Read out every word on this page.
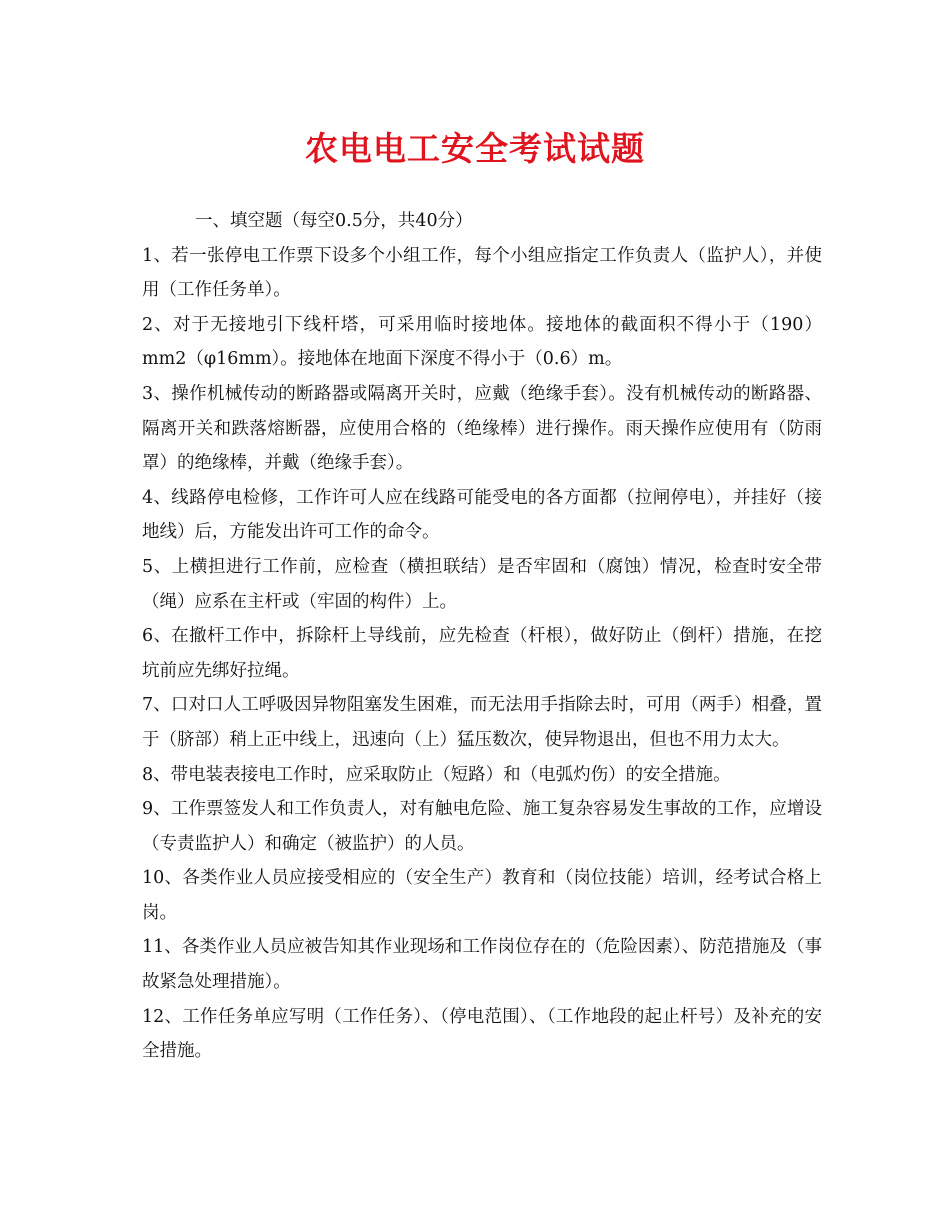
农电电工安全考试试题

一、填空题（每空0.5分，共40分）

1、若一张停电工作票下设多个小组工作，每个小组应指定工作负责人（监护人），并使用（工作任务单）。

2、对于无接地引下线杆塔，可采用临时接地体。接地体的截面积不得小于（190）mm2（φ16mm）。接地体在地面下深度不得小于（0.6）m。

3、操作机械传动的断路器或隔离开关时，应戴（绝缘手套）。没有机械传动的断路器、隔离开关和跌落熔断器，应使用合格的（绝缘棒）进行操作。雨天操作应使用有（防雨罩）的绝缘棒，并戴（绝缘手套）。

4、线路停电检修，工作许可人应在线路可能受电的各方面都（拉闸停电），并挂好（接地线）后，方能发出许可工作的命令。

5、上横担进行工作前，应检查（横担联结）是否牢固和（腐蚀）情况，检查时安全带（绳）应系在主杆或（牢固的构件）上。

6、在撤杆工作中，拆除杆上导线前，应先检查（杆根），做好防止（倒杆）措施，在挖坑前应先绑好拉绳。

7、口对口人工呼吸因异物阻塞发生困难，而无法用手指除去时，可用（两手）相叠，置于（脐部）稍上正中线上，迅速向（上）猛压数次，使异物退出，但也不用力太大。

8、带电装表接电工作时，应采取防止（短路）和（电弧灼伤）的安全措施。

9、工作票签发人和工作负责人，对有触电危险、施工复杂容易发生事故的工作，应增设（专责监护人）和确定（被监护）的人员。

10、各类作业人员应接受相应的（安全生产）教育和（岗位技能）培训，经考试合格上岗。

11、各类作业人员应被告知其作业现场和工作岗位存在的（危险因素）、防范措施及（事故紧急处理措施）。

12、工作任务单应写明（工作任务）、（停电范围）、（工作地段的起止杆号）及补充的安全措施。
